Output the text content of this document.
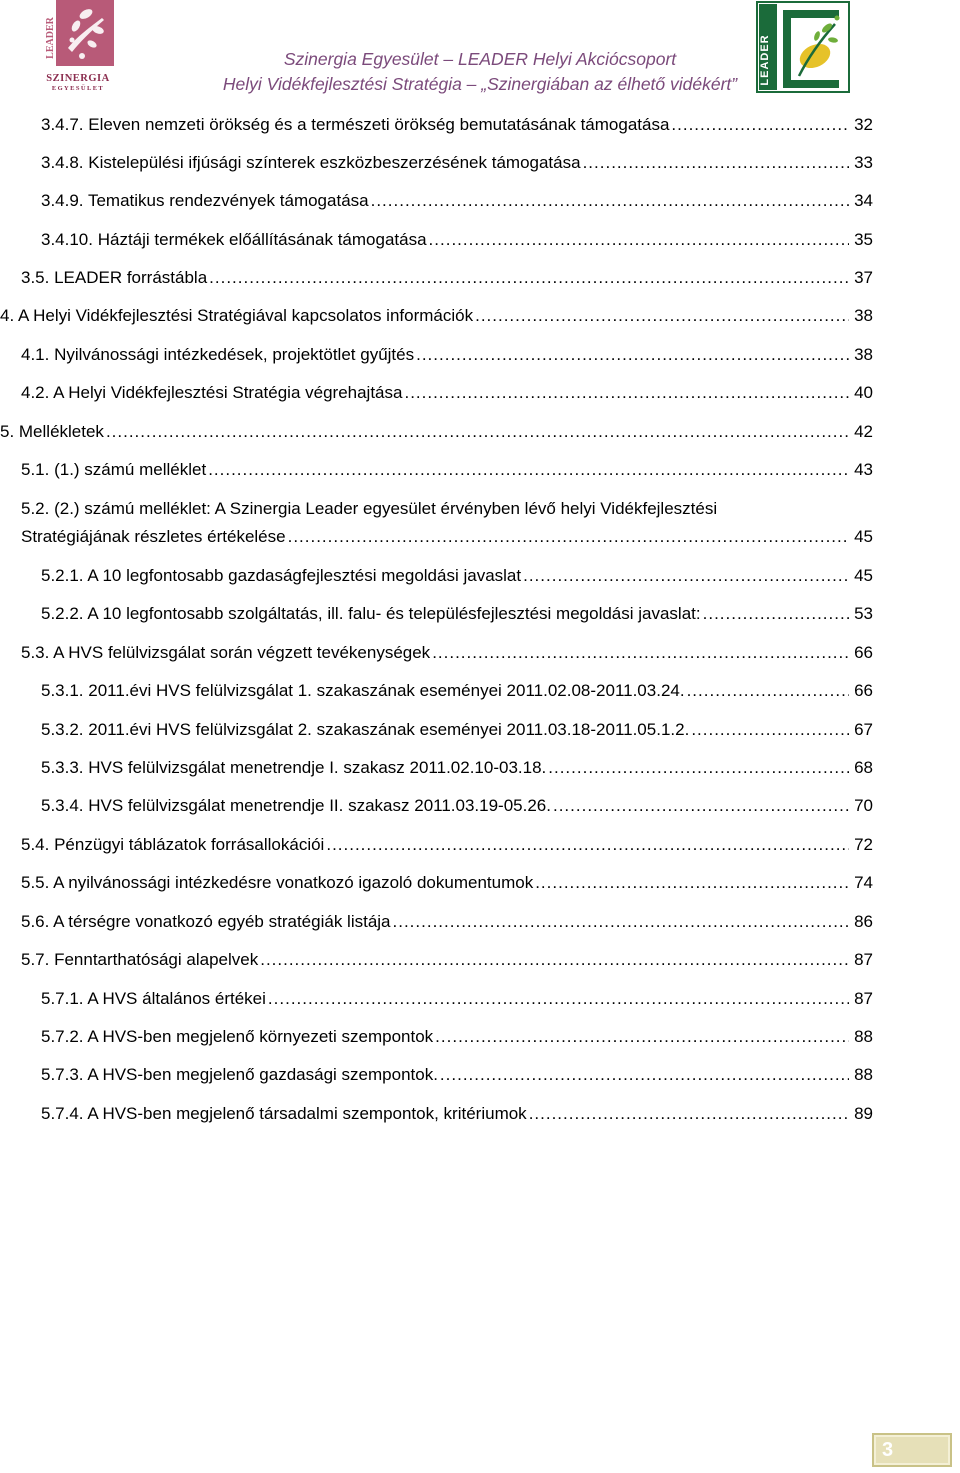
LEADER
SZINERGIA
EGYESÜLET
Szinergia Egyesület – LEADER Helyi Akciócsoport
Helyi Vidékfejlesztési Stratégia – „Szinergiában az élhető vidékért”	LEADER
3.4.7. Eleven nemzeti örökség és a természeti örökség bemutatásának támogatása .....	32
3.4.8. Kistelepülési ifjúsági színterek eszközbeszerzésének támogatása .....	33
3.4.9. Tematikus rendezvények támogatása .....	34
3.4.10. Háztáji termékek előállításának támogatása .....	35
3.5. LEADER forrástábla .....	37
4. A Helyi Vidékfejlesztési Stratégiával kapcsolatos információk .....	38
4.1. Nyilvánossági intézkedések, projektötlet gyűjtés .....	38
4.2. A Helyi Vidékfejlesztési Stratégia végrehajtása .....	40
5. Mellékletek .....	42
5.1. (1.) számú melléklet .....	43
5.2. (2.) számú melléklet: A Szinergia Leader egyesület érvényben lévő helyi Vidékfejlesztési
Stratégiájának részletes értékelése .....	45
5.2.1. A 10 legfontosabb gazdaságfejlesztési megoldási javaslat .....	45
5.2.2. A 10 legfontosabb szolgáltatás, ill. falu- és településfejlesztési megoldási javaslat: .....	53
5.3. A HVS felülvizsgálat során végzett tevékenységek .....	66
5.3.1. 2011.évi HVS felülvizsgálat 1. szakaszának eseményei 2011.02.08-2011.03.24. .....	66
5.3.2. 2011.évi HVS felülvizsgálat 2. szakaszának eseményei 2011.03.18-2011.05.1.2. .....	67
5.3.3. HVS felülvizsgálat menetrendje I. szakasz 2011.02.10-03.18. .....	68
5.3.4. HVS felülvizsgálat menetrendje II. szakasz 2011.03.19-05.26. .....	70
5.4. Pénzügyi táblázatok forrásallokációi .....	72
5.5. A nyilvánossági intézkedésre vonatkozó igazoló dokumentumok .....	74
5.6. A térségre vonatkozó egyéb stratégiák listája .....	86
5.7. Fenntarthatósági alapelvek .....	87
5.7.1. A HVS általános értékei .....	87
5.7.2. A HVS-ben megjelenő környezeti szempontok .....	88
5.7.3. A HVS-ben megjelenő gazdasági szempontok. .....	88
5.7.4. A HVS-ben megjelenő társadalmi szempontok, kritériumok .....	89
3
